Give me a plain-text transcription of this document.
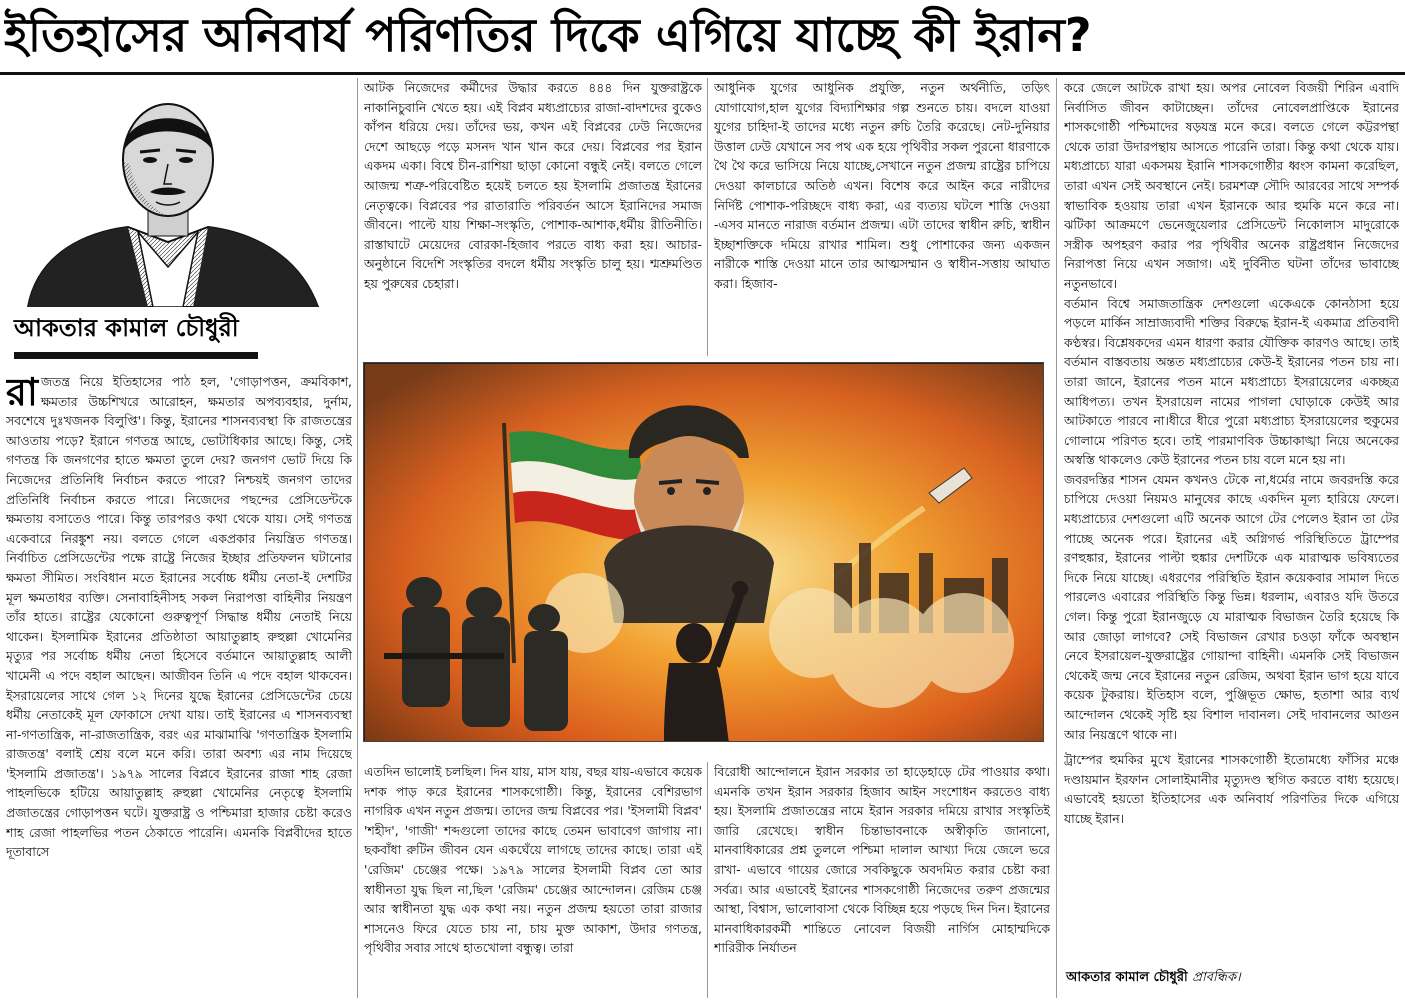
ইতিহাসের অনিবার্য পরিণতির দিকে এগিয়ে যাচ্ছে কী ইরান?
আকতার কামাল চৌধুরী

রাজতন্ত্র নিয়ে ইতিহাসের পাঠ হল, 'গোড়াপত্তন, ক্রমবিকাশ, ক্ষমতার উচ্চশিখরে আরোহন, ক্ষমতার অপব্যবহার, দুর্নাম, সবশেষে দুঃখজনক বিলুপ্তি'। কিন্তু, ইরানের শাসনব্যবস্থা কি রাজতন্ত্রের আওতায় পড়ে? ইরানে গণতন্ত্র আছে, ভোটাধিকার আছে। কিন্তু, সেই গণতন্ত্র কি জনগণের হাতে ক্ষমতা তুলে দেয়? জনগণ ভোট দিয়ে কি নিজেদের প্রতিনিধি নির্বাচন করতে পারে? নিশ্চয়ই জনগণ তাদের প্রতিনিধি নির্বাচন করতে পারে। নিজেদের পছন্দের প্রেসিডেন্টকে ক্ষমতায় বসাতেও পারে। কিন্তু তারপরও কথা থেকে যায়। সেই গণতন্ত্র একেবারে নিরঙ্কুশ নয়। বলতে গেলে একপ্রকার নিয়ন্ত্রিত গণতন্ত্র। নির্বাচিত প্রেসিডেন্টের পক্ষে রাষ্ট্রে নিজের ইচ্ছার প্রতিফলন ঘটানোর ক্ষমতা সীমিত। সংবিধান মতে ইরানের সর্বোচ্চ ধর্মীয় নেতা-ই দেশটির মূল ক্ষমতাধর ব্যক্তি। সেনাবাহিনীসহ সকল নিরাপত্তা বাহিনীর নিয়ন্ত্রণ তাঁর হাতে। রাষ্ট্রের যেকোনো গুরুত্বপূর্ণ সিদ্ধান্ত ধর্মীয় নেতাই নিয়ে থাকেন। ইসলামিক ইরানের প্রতিষ্ঠাতা আয়াতুল্লাহ রুহুল্লা খোমেনির মৃত্যুর পর সর্বোচ্চ ধর্মীয় নেতা হিসেবে বর্তমানে আয়াতুল্লাহ আলী খামেনী এ পদে বহাল আছেন। আজীবন তিনি এ পদে বহাল থাকবেন। ইসরায়েলের সাথে গেল ১২ দিনের যুদ্ধে ইরানের প্রেসিডেন্টের চেয়ে ধর্মীয় নেতাকেই মূল ফোকাসে দেখা যায়। তাই ইরানের এ শাসনব্যবস্থা না-গণতান্ত্রিক, না-রাজতান্ত্রিক, বরং এর মাঝামাঝি 'গণতান্ত্রিক ইসলামি রাজতন্ত্র' বলাই শ্রেয় বলে মনে করি। তারা অবশ্য এর নাম দিয়েছে 'ইসলামি প্রজাতন্ত্র'। ১৯৭৯ সালের বিপ্লবে ইরানের রাজা শাহ রেজা পাহলভিকে হটিয়ে আয়াতুল্লাহ রুহুল্লা খোমেনির নেতৃত্বে ইসলামি প্রজাতন্ত্রের গোড়াপত্তন ঘটে। যুক্তরাষ্ট্র ও পশ্চিমারা হাজার চেষ্টা করেও শাহ রেজা পাহলভির পতন ঠেকাতে পারেনি। এমনকি বিপ্লবীদের হাতে দূতাবাসে

আটক নিজেদের কর্মীদের উদ্ধার করতে ৪৪৪ দিন যুক্তরাষ্ট্রকে নাকানিচুবানি খেতে হয়। এই বিপ্লব মধ্যপ্রাচ্যের রাজা-বাদশদের বুকেও কাঁপন ধরিয়ে দেয়। তাঁদের ভয়, কখন এই বিপ্লবের ঢেউ নিজেদের দেশে আছড়ে পড়ে মসনদ খান খান করে দেয়। বিপ্লবের পর ইরান একদম একা। বিশ্বে চীন-রাশিয়া ছাড়া কোনো বন্ধুই নেই। বলতে গেলে আজন্ম শত্রু-পরিবেষ্টিত হয়েই চলতে হয় ইসলামি প্রজাতন্ত্র ইরানের নেতৃত্বকে। বিপ্লবের পর রাতারাতি পরিবর্তন আসে ইরানিদের সমাজ জীবনে। পাল্টে যায় শিক্ষা-সংস্কৃতি, পোশাক-আশাক,ধর্মীয় রীতিনীতি। রাস্তাঘাটে মেয়েদের বোরকা-হিজাব পরতে বাধ্য করা হয়। আচার-অনুষ্ঠানে বিদেশি সংস্কৃতির বদলে ধর্মীয় সংস্কৃতি চালু হয়। শ্মশ্রুমণ্ডিত হয় পুরুষের চেহারা।

আধুনিক যুগের আধুনিক প্রযুক্তি, নতুন অর্থনীতি, তড়িৎ যোগাযোগ,হাল যুগের বিদ্যাশিক্ষার গল্প শুনতে চায়। বদলে যাওয়া যুগের চাহিদা-ই তাদের মধ্যে নতুন রুচি তৈরি করেছে। নেট-দুনিয়ার উত্তাল ঢেউ যেখানে সব পথ এক হয়ে পৃথিবীর সকল পুরনো ধারণাকে থৈ থৈ করে ভাসিয়ে নিয়ে যাচ্ছে,সেখানে নতুন প্রজন্ম রাষ্ট্রের চাপিয়ে দেওয়া কালচারে অতিষ্ঠ এখন। বিশেষ করে আইন করে নারীদের নির্দিষ্ট পোশাক-পরিচ্ছদে বাধ্য করা, এর ব্যত্যয় ঘটলে শাস্তি দেওয়া -এসব মানতে নারাজ বর্তমান প্রজন্ম। এটা তাদের স্বাধীন রুচি, স্বাধীন ইচ্ছাশক্তিকে দমিয়ে রাখার শামিল। শুধু পোশাকের জন্য একজন নারীকে শাস্তি দেওয়া মানে তার আত্মসম্মান ও স্বাধীন-সত্তায় আঘাত করা। হিজাব-

করে জেলে আটকে রাখা হয়। অপর নোবেল বিজয়ী শিরিন এবাদি নির্বাসিত জীবন কাটাচ্ছেন। তাঁদের নোবেলপ্রাপ্তিকে ইরানের শাসকগোষ্ঠী পশ্চিমাদের ষড়যন্ত্র মনে করে। বলতে গেলে কট্টরপন্থা থেকে তারা উদারপন্থায় আসতে পারেনি তারা। কিন্তু কথা থেকে যায়। মধ্যপ্রাচ্যে যারা একসময় ইরানি শাসকগোষ্ঠীর ধ্বংস কামনা করেছিল, তারা এখন সেই অবস্থানে নেই। চরমশত্রু সৌদি আরবের সাথে সম্পর্ক স্বাভাবিক হওয়ায় তারা এখন ইরানকে আর হুমকি মনে করে না। ঝটিকা আক্রমণে ভেনেজুয়েলার প্রেসিডেন্ট নিকোলাস মাদুরোকে সস্ত্রীক অপহরণ করার পর পৃথিবীর অনেক রাষ্ট্রপ্রধান নিজেদের নিরাপত্তা নিয়ে এখন সজাগ। এই দুর্বিনীত ঘটনা তাঁদের ভাবাচ্ছে নতুনভাবে।

বর্তমান বিশ্বে সমাজতান্ত্রিক দেশগুলো একেএকে কোনঠাসা হয়ে পড়লে মার্কিন সাম্রাজ্যবাদী শক্তির বিরুদ্ধে ইরান-ই একমাত্র প্রতিবাদী কণ্ঠস্বর। বিশ্লেষকদের এমন ধারণা করার যৌক্তিক কারণও আছে। তাই বর্তমান বাস্তবতায় অন্তত মধ্যপ্রাচ্যের কেউ-ই ইরানের পতন চায় না। তারা জানে, ইরানের পতন মানে মধ্যপ্রাচ্যে ইসরায়েলের একচ্ছত্র আধিপত্য। তখন ইসরায়েল নামের পাগলা ঘোড়াকে কেউই আর আটকাতে পারবে না।ধীরে ধীরে পুরো মধ্যপ্রাচ্য ইসরায়েলের হুকুমের গোলামে পরিণত হবে। তাই পারমাণবিক উচ্চাকাঙ্খা নিয়ে অনেকের অস্বস্তি থাকলেও কেউ ইরানের পতন চায় বলে মনে হয় না।

জবরদস্তির শাসন যেমন কখনও টেকে না,ধর্মের নামে জবরদস্তি করে চাপিয়ে দেওয়া নিয়মও মানুষের কাছে একদিন মূল্য হারিয়ে ফেলে। মধ্যপ্রাচ্যের দেশগুলো এটি অনেক আগে টের পেলেও ইরান তা টের পাচ্ছে অনেক পরে। ইরানের এই অগ্নিগর্ভ পরিস্থিতিতে ট্রাম্পের রণহুঙ্কার, ইরানের পাল্টা হুঙ্কার দেশটিকে এক মারাত্মক ভবিষ্যতের দিকে নিয়ে যাচ্ছে। এধরণের পরিস্থিতি ইরান কয়েকবার সামাল দিতে পারলেও এবারের পরিস্থিতি কিন্তু ভিন্ন। ধরলাম, এবারও যদি উতরে গেল। কিন্তু পুরো ইরানজুড়ে যে মারাত্মক বিভাজন তৈরি হয়েছে কি আর জোড়া লাগবে? সেই বিভাজন রেখার চওড়া ফাঁকে অবস্থান নেবে ইসরায়েল-যুক্তরাষ্ট্রের গোয়ান্দা বাহিনী। এমনকি সেই বিভাজন থেকেই জন্ম নেবে ইরানের নতুন রেজিম, অথবা ইরান ভাগ হয়ে যাবে কয়েক টুকরায়। ইতিহাস বলে, পুঞ্জিভূত ক্ষোভ, হতাশা আর ব্যর্থ আন্দোলন থেকেই সৃষ্টি হয় বিশাল দাবানল। সেই দাবানলের আগুন আর নিয়ন্ত্রণে থাকে না।

ট্রাম্পের হুমকির মুখে ইরানের শাসকগোষ্ঠী ইতোমধ্যে ফাঁসির মঞ্চে দণ্ডায়মান ইরফান সোলাইমানীর মৃত্যুদণ্ড স্থগিত করতে বাধ্য হয়েছে। এভাবেই হয়তো ইতিহাসের এক অনিবার্য পরিণতির দিকে এগিয়ে যাচ্ছে ইরান।

এতদিন ভালোই চলছিল। দিন যায়, মাস যায়, বছর যায়-এভাবে কয়েক দশক পাড় করে ইরানের শাসকগোষ্ঠী। কিন্তু, ইরানের বেশিরভাগ নাগরিক এখন নতুন প্রজন্ম। তাদের জন্ম বিপ্লবের পর। 'ইসলামী বিপ্লব' 'শহীদ', 'গাজী' শব্দগুলো তাদের কাছে তেমন ভাবাবেগ জাগায় না। ছকবাঁধা রুটিন জীবন যেন একঘেঁয়ে লাগছে তাদের কাছে। তারা এই 'রেজিম' চেঞ্জের পক্ষে। ১৯৭৯ সালের ইসলামী বিপ্লব তো আর স্বাধীনতা যুদ্ধ ছিল না,ছিল 'রেজিম' চেঞ্জের আন্দোলন। রেজিম চেঞ্জ আর স্বাধীনতা যুদ্ধ এক কথা নয়। নতুন প্রজন্ম হয়তো তারা রাজার শাসনেও ফিরে যেতে চায় না, চায় মুক্ত আকাশ, উদার গণতন্ত্র, পৃথিবীর সবার সাথে হাতখোলা বন্ধুত্ব। তারা

বিরোধী আন্দোলনে ইরান সরকার তা হাড়েহাড়ে টের পাওয়ার কথা। এমনকি তখন ইরান সরকার হিজাব আইন সংশোধন করতেও বাধ্য হয়। ইসলামি প্রজাতন্ত্রের নামে ইরান সরকার দমিয়ে রাখার সংস্কৃতিই জারি রেখেছে। স্বাধীন চিন্তাভাবনাকে অস্বীকৃতি জানানো, মানবাধিকারের প্রশ্ন তুললে পশ্চিমা দালাল আখ্যা দিয়ে জেলে ভরে রাখা- এভাবে গায়ের জোরে সবকিছুকে অবদমিত করার চেষ্টা করা সর্বত্র। আর এভাবেই ইরানের শাসকগোষ্ঠী নিজেদের তরুণ প্রজন্মের আস্থা, বিশ্বাস, ভালোবাসা থেকে বিচ্ছিন্ন হয়ে পড়ছে দিন দিন। ইরানের মানবাধিকারকর্মী শান্তিতে নোবেল বিজয়ী নার্গিস মোহাম্মদিকে শারিরীক নির্যাতন

আকতার কামাল চৌধুরী প্রাবন্ধিক।
